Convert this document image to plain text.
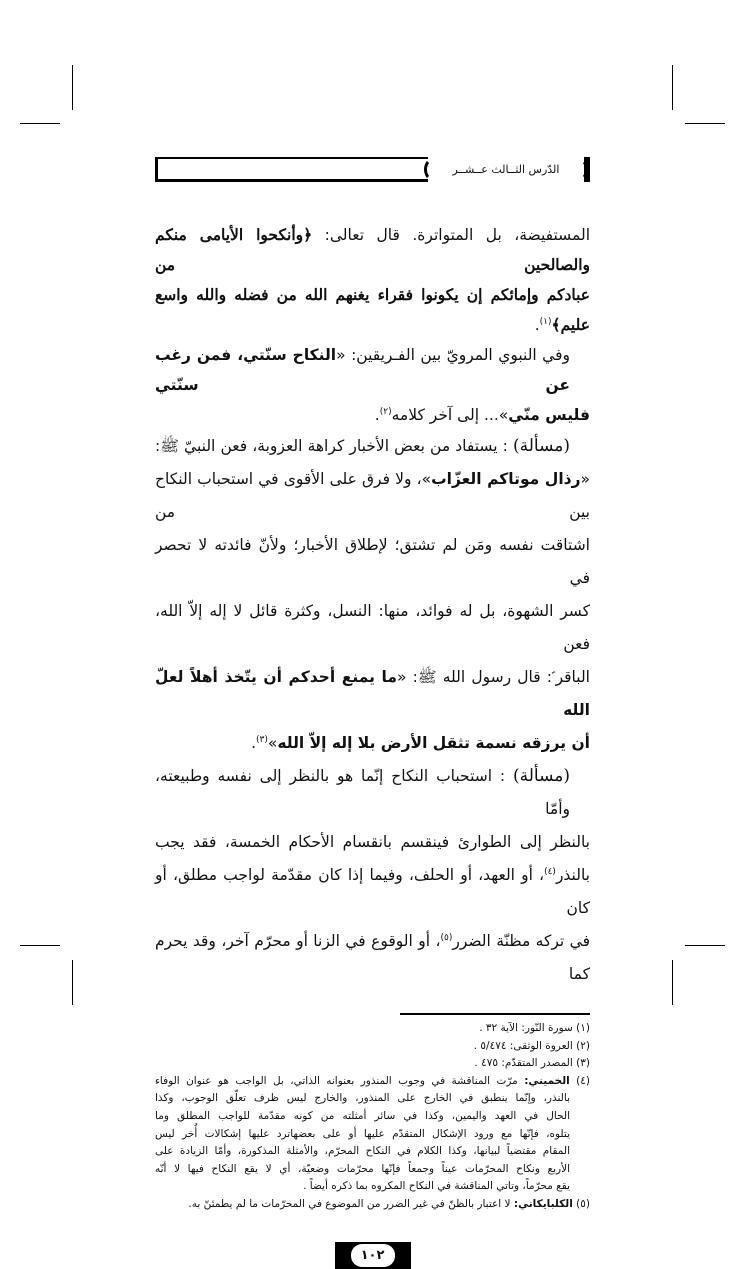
الدّرس الثــالث عــشــر
المستفيضة، بل المتواترة. قال تعالى: ﴿وأنكحوا الأيامى منكم والصالحين من
عبادكم وإمائكم إن يكونوا فقراء يغنهم الله من فضله والله واسع عليم﴾$^{(١)}$.
وفي النبوي المرويّ بين الفـريقين: «النكاح سنّتي، فمن رغب عن سنّتي
فليس منّي»... إلى آخر كلامه$^{(٢)}$.
(مسألة) : يستفاد من بعض الأخبار كراهة العزوبة، فعن النبيّ ﷺ:
«رذال موتاكم العزّاب»، ولا فرق على الأقوى في استحباب النكاح بين من
اشتاقت نفسه ومَن لم تشتق؛ لإطلاق الأخبار؛ ولأنّ فائدته لا تحصر في
كسر الشهوة، بل له فوائد، منها: النسل، وكثرة قائل لا إله إلاّ الله، فعن
الباقر ؑ: قال رسول الله ﷺ: «ما يمنع أحدكم أن يتّخذ أهلاً لعلّ الله
أن يرزقه نسمة تثقل الأرض بلا إله إلاّ الله»$^{(٣)}$.
(مسألة) : استحباب النكاح إنّما هو بالنظر إلى نفسه وطبيعته، وأمّا
بالنظر إلى الطوارئ فينقسم بانقسام الأحكام الخمسة، فقد يجب
بالنذر$^{(٤)}$، أو العهد، أو الحلف، وفيما إذا كان مقدّمة لواجب مطلق، أو كان
في تركه مظنّة الضرر$^{(٥)}$، أو الوقوع في الزنا أو محرّم آخر، وقد يحرم كما
(١) سورة النّور: الآية ٣٢ .
(٢) العروة الوثقى: ٥/٤٧٤ .
(٣) المصدر المتقدّم: ٤٧٥ .
(٤) الخميني: مرّت المناقشة في وجوب المنذور بعنوانه الذاتي، بل الواجب هو عنوان الوفاء
بالنذر، وإنّما ينطبق في الخارج على المنذور، والخارج ليس ظرف تعلّق الوجوب، وكذا
الحال في العهد واليمين، وكذا في سائر أمثلته من كونه مقدّمة للواجب المطلق وما
يتلوه، فإنّها مع ورود الإشكال المتقدّم عليها أو على بعضهاترد عليها إشكالات أُخر ليس
المقام مقتضياً لبيانها، وكذا الكلام في النكاح المحرّم، والأمثلة المذكورة، وأمّا الزيادة على
الأربع ونكاح المحرّمات عيناً وجمعاً فإنّها محرّمات وضعيّة، أي لا يقع النكاح فيها لا أنّه
يقع محرّماً، وتاتي المناقشة في النكاح المكروه بما ذكره أيضاً .
(٥) الكلبايكاني: لا اعتبار بالظنّ في غير الضرر من الموضوع في المحرّمات ما لم يطمئنّ به.
١٠٢
